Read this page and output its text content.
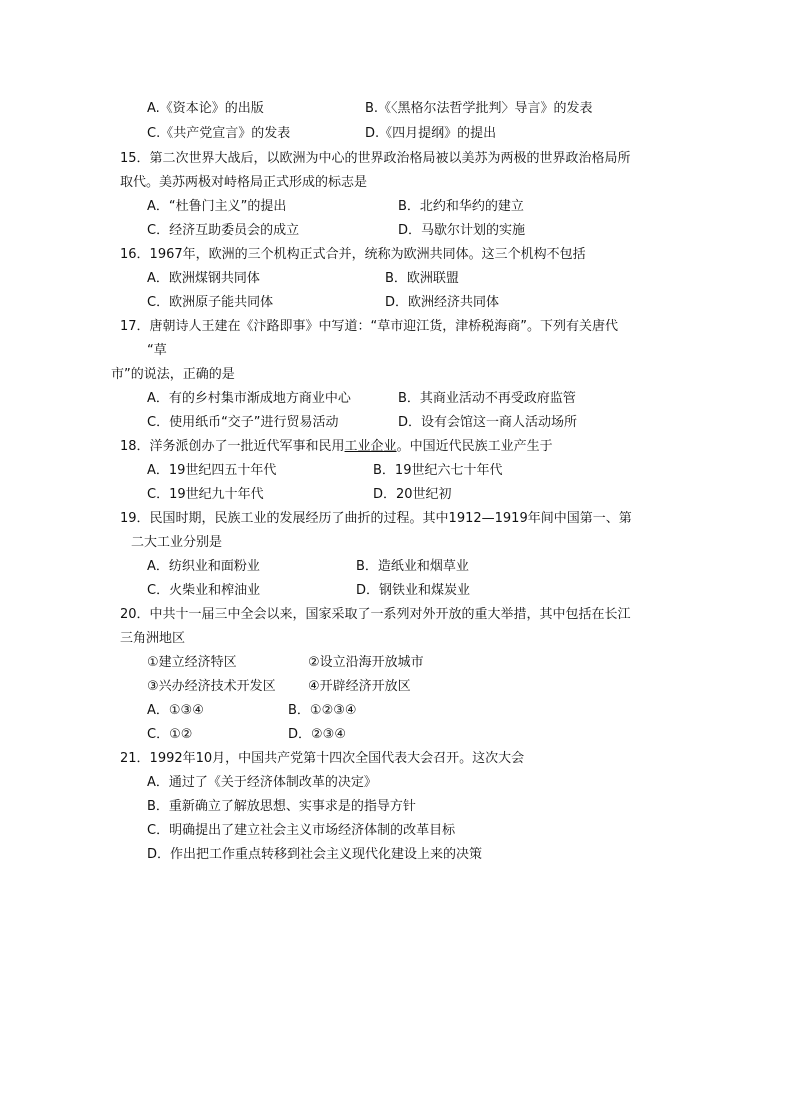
A.《资本论》的出版	B.《〈黑格尔法哲学批判〉导言》的发表
C.《共产党宣言》的发表	D.《四月提纲》的提出
15．第二次世界大战后，以欧洲为中心的世界政治格局被以美苏为两极的世界政治格局所
取代。美苏两极对峙格局正式形成的标志是
A．“杜鲁门主义”的提出	B．北约和华约的建立
C．经济互助委员会的成立	D．马歇尔计划的实施
16．1967年，欧洲的三个机构正式合并，统称为欧洲共同体。这三个机构不包括
A．欧洲煤钢共同体	B．欧洲联盟
C．欧洲原子能共同体	D．欧洲经济共同体
17．唐朝诗人王建在《汴路即事》中写道：“草市迎江货，津桥税海商”。下列有关唐代
“草
市”的说法，正确的是
A．有的乡村集市渐成地方商业中心	B．其商业活动不再受政府监管
C．使用纸币“交子”进行贸易活动	D．设有会馆这一商人活动场所
18．洋务派创办了一批近代军事和民用工业企业。中国近代民族工业产生于
A．19世纪四五十年代	B．19世纪六七十年代
C．19世纪九十年代	D．20世纪初
19．民国时期，民族工业的发展经历了曲折的过程。其中1912—1919年间中国第一、第
二大工业分别是
A．纺织业和面粉业	B．造纸业和烟草业
C．火柴业和榨油业	D．钢铁业和煤炭业
20．中共十一届三中全会以来，国家采取了一系列对外开放的重大举措，其中包括在长江
三角洲地区
①建立经济特区	②设立沿海开放城市
③兴办经济技术开发区 ④开辟经济开放区
A．①③④	B．①②③④
C．①②	D．②③④
21．1992年10月，中国共产党第十四次全国代表大会召开。这次大会
A．通过了《关于经济体制改革的决定》
B．重新确立了解放思想、实事求是的指导方针
C．明确提出了建立社会主义市场经济体制的改革目标
D．作出把工作重点转移到社会主义现代化建设上来的决策
